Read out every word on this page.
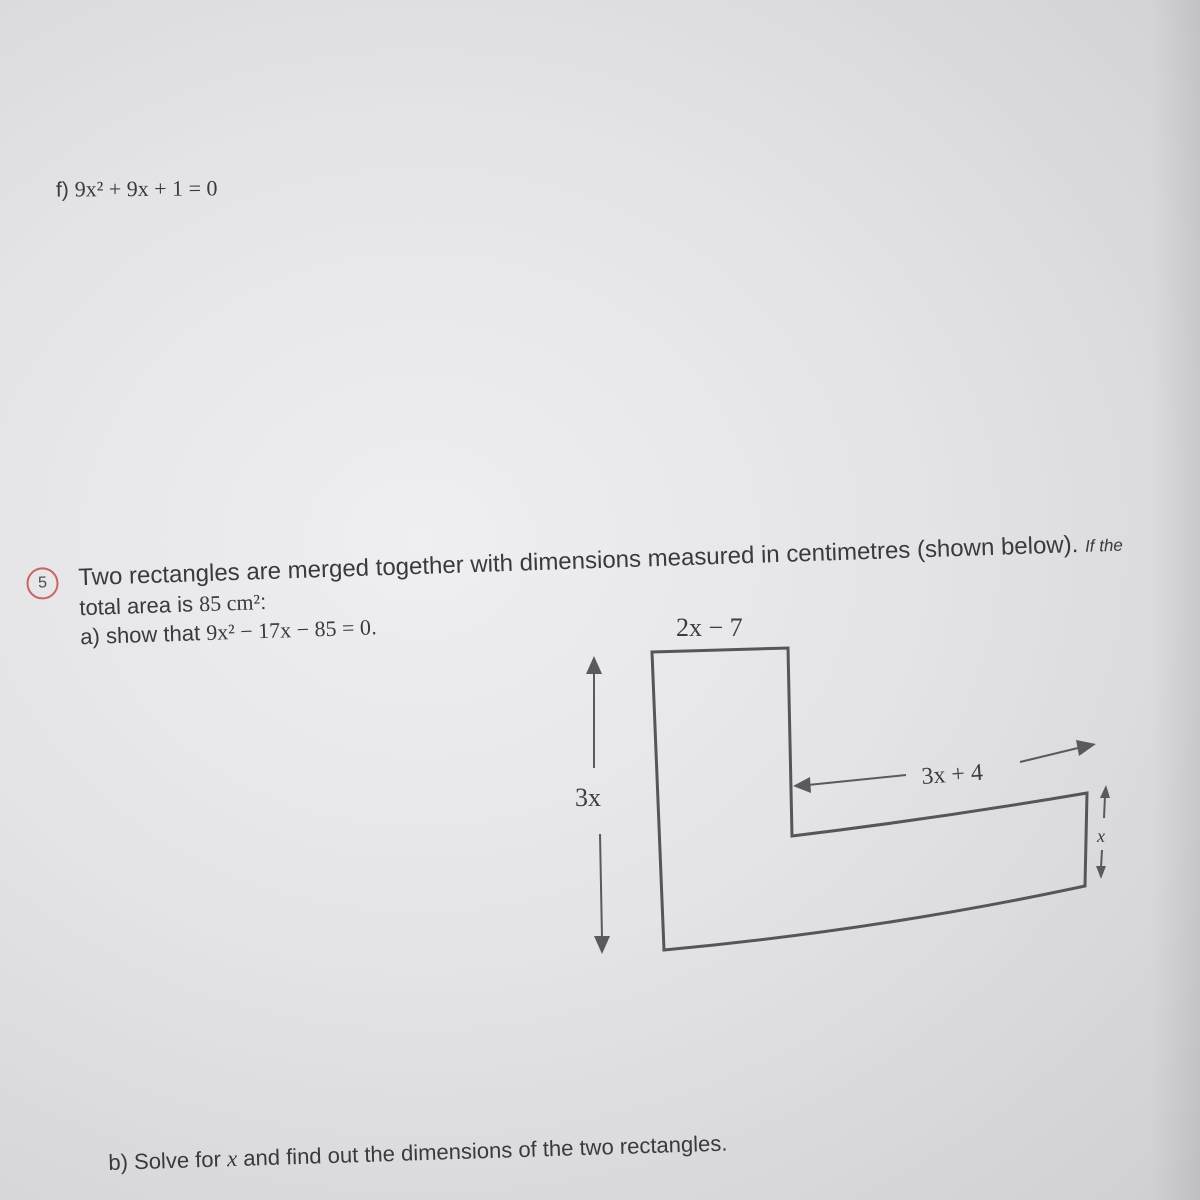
f) 9x² + 9x + 1 = 0
5	Two rectangles are merged together with dimensions measured in centimetres (shown below). If the
total area is 85 cm²:
a) show that 9x² − 17x − 85 = 0.	2x − 7
3x
3x + 4
x
b) Solve for x and find out the dimensions of the two rectangles.
